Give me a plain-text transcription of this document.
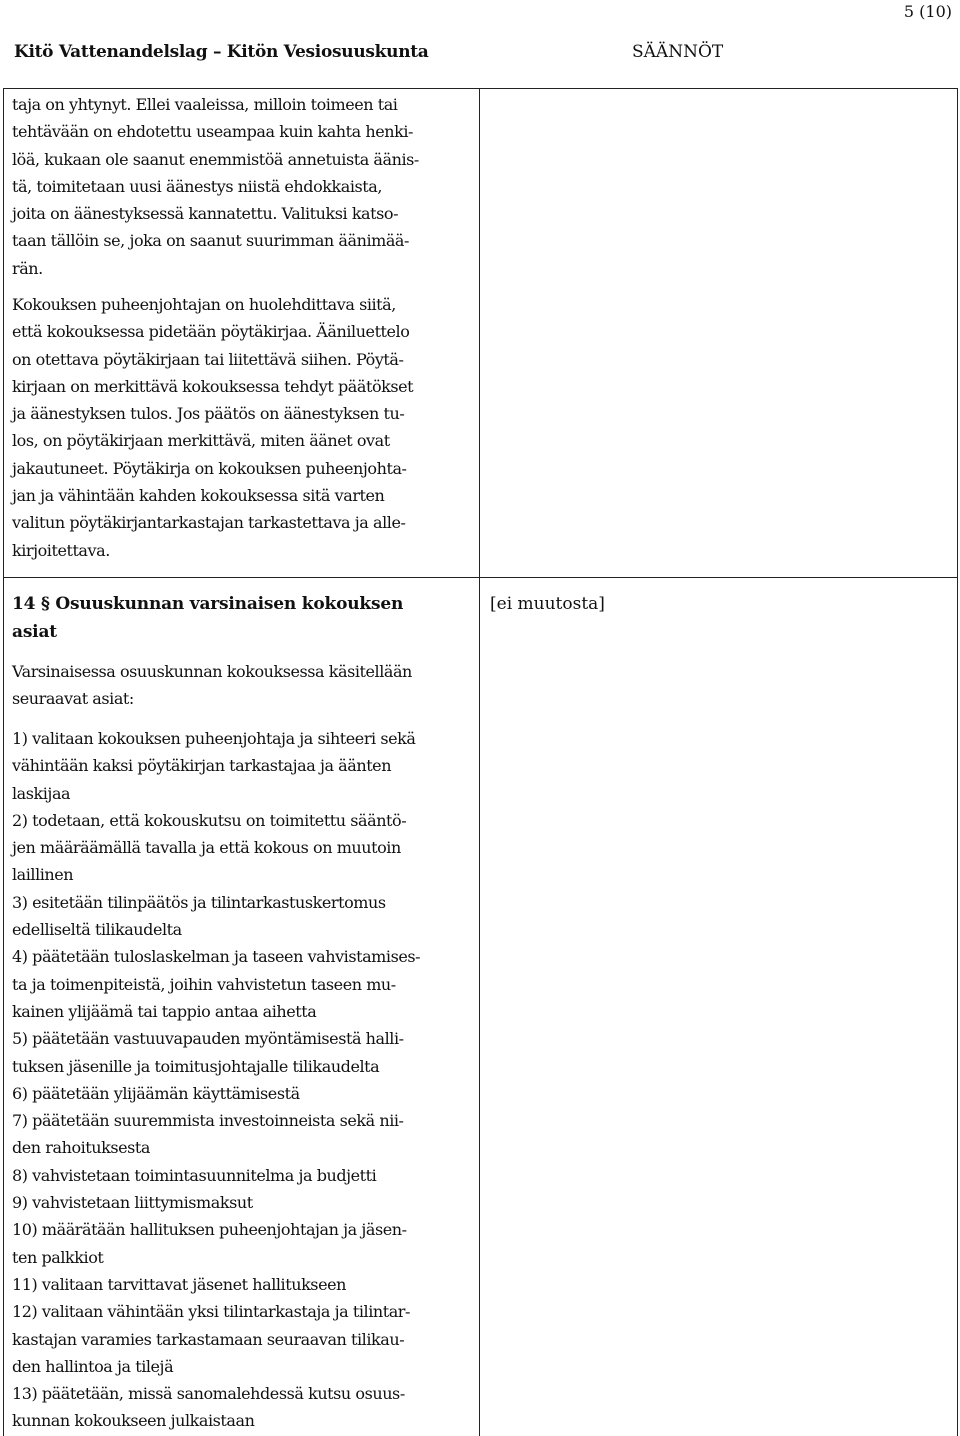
5 (10)
Kitö Vattenandelslag – Kitön Vesiosuuskunta	SÄÄNNÖT
taja on yhtynyt. Ellei vaaleissa, milloin toimeen tai
tehtävään on ehdotettu useampaa kuin kahta henki-
löä, kukaan ole saanut enemmistöä annetuista äänis-
tä, toimitetaan uusi äänestys niistä ehdokkaista,
joita on äänestyksessä kannatettu. Valituksi katso-
taan tällöin se, joka on saanut suurimman äänimää-
rän.
Kokouksen puheenjohtajan on huolehdittava siitä,
että kokouksessa pidetään pöytäkirjaa. Ääniluettelo
on otettava pöytäkirjaan tai liitettävä siihen. Pöytä-
kirjaan on merkittävä kokouksessa tehdyt päätökset
ja äänestyksen tulos. Jos päätös on äänestyksen tu-
los, on pöytäkirjaan merkittävä, miten äänet ovat
jakautuneet. Pöytäkirja on kokouksen puheenjohta-
jan ja vähintään kahden kokouksessa sitä varten
valitun pöytäkirjantarkastajan tarkastettava ja alle-
kirjoitettava.
14 § Osuuskunnan varsinaisen kokouksen
asiat
[ei muutosta]
Varsinaisessa osuuskunnan kokouksessa käsitellään
seuraavat asiat:
1) valitaan kokouksen puheenjohtaja ja sihteeri sekä
vähintään kaksi pöytäkirjan tarkastajaa ja äänten
laskijaa
2) todetaan, että kokouskutsu on toimitettu sääntö-
jen määräämällä tavalla ja että kokous on muutoin
laillinen
3) esitetään tilinpäätös ja tilintarkastuskertomus
edelliseltä tilikaudelta
4) päätetään tuloslaskelman ja taseen vahvistamises-
ta ja toimenpiteistä, joihin vahvistetun taseen mu-
kainen ylijäämä tai tappio antaa aihetta
5) päätetään vastuuvapauden myöntämisestä halli-
tuksen jäsenille ja toimitusjohtajalle tilikaudelta
6) päätetään ylijäämän käyttämisestä
7) päätetään suuremmista investoinneista sekä nii-
den rahoituksesta
8) vahvistetaan toimintasuunnitelma ja budjetti
9) vahvistetaan liittymismaksut
10) määrätään hallituksen puheenjohtajan ja jäsen-
ten palkkiot
11) valitaan tarvittavat jäsenet hallitukseen
12) valitaan vähintään yksi tilintarkastaja ja tilintar-
kastajan varamies tarkastamaan seuraavan tilikau-
den hallintoa ja tilejä
13) päätetään, missä sanomalehdessä kutsu osuus-
kunnan kokoukseen julkaistaan
